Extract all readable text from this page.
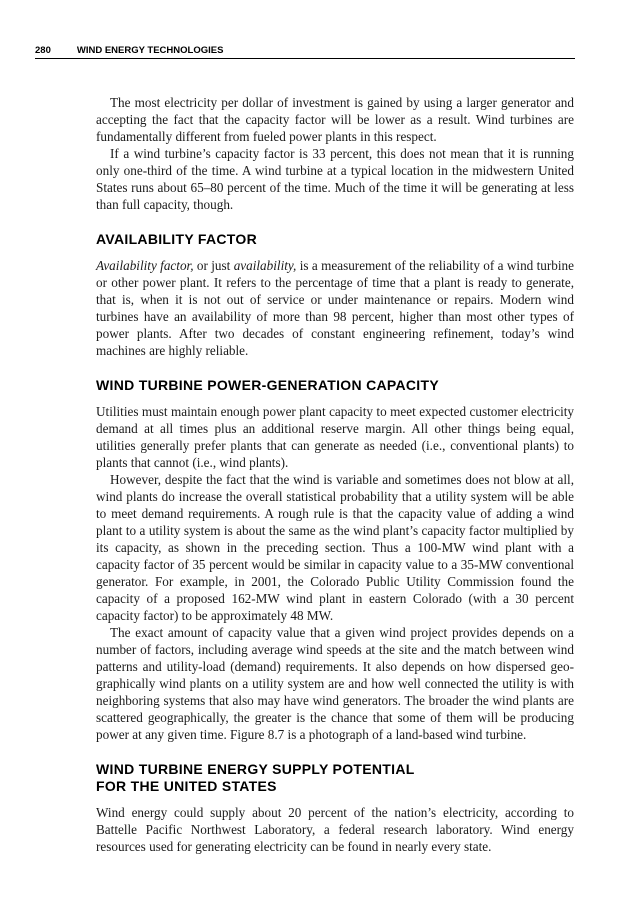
280	WIND ENERGY TECHNOLOGIES

The most electricity per dollar of investment is gained by using a larger generator and accepting the fact that the capacity factor will be lower as a result. Wind turbines are fundamentally different from fueled power plants in this respect.

If a wind turbine’s capacity factor is 33 percent, this does not mean that it is running only one-third of the time. A wind turbine at a typical location in the midwestern United States runs about 65–80 percent of the time. Much of the time it will be generating at less than full capacity, though.

AVAILABILITY FACTOR

Availability factor, or just availability, is a measurement of the reliability of a wind turbine or other power plant. It refers to the percentage of time that a plant is ready to generate, that is, when it is not out of service or under maintenance or repairs. Modern wind turbines have an availability of more than 98 percent, higher than most other types of power plants. After two decades of constant engineering refinement, today’s wind machines are highly reliable.

WIND TURBINE POWER-GENERATION CAPACITY

Utilities must maintain enough power plant capacity to meet expected customer electricity demand at all times plus an additional reserve margin. All other things being equal, utilities generally prefer plants that can generate as needed (i.e., conventional plants) to plants that cannot (i.e., wind plants).

However, despite the fact that the wind is variable and sometimes does not blow at all, wind plants do increase the overall statistical probability that a utility system will be able to meet demand requirements. A rough rule is that the capacity value of adding a wind plant to a utility system is about the same as the wind plant’s capacity factor multiplied by its capacity, as shown in the preceding section. Thus a 100-MW wind plant with a capacity factor of 35 percent would be similar in capacity value to a 35-MW conventional generator. For example, in 2001, the Colorado Public Utility Commission found the capacity of a proposed 162-MW wind plant in eastern Colorado (with a 30 percent capacity factor) to be approximately 48 MW.

The exact amount of capacity value that a given wind project provides depends on a number of factors, including average wind speeds at the site and the match between wind patterns and utility-load (demand) requirements. It also depends on how dispersed geographically wind plants on a utility system are and how well connected the utility is with neighboring systems that also may have wind generators. The broader the wind plants are scattered geographically, the greater is the chance that some of them will be producing power at any given time. Figure 8.7 is a photograph of a land-based wind turbine.

WIND TURBINE ENERGY SUPPLY POTENTIAL
FOR THE UNITED STATES

Wind energy could supply about 20 percent of the nation’s electricity, according to Battelle Pacific Northwest Laboratory, a federal research laboratory. Wind energy resources used for generating electricity can be found in nearly every state.
